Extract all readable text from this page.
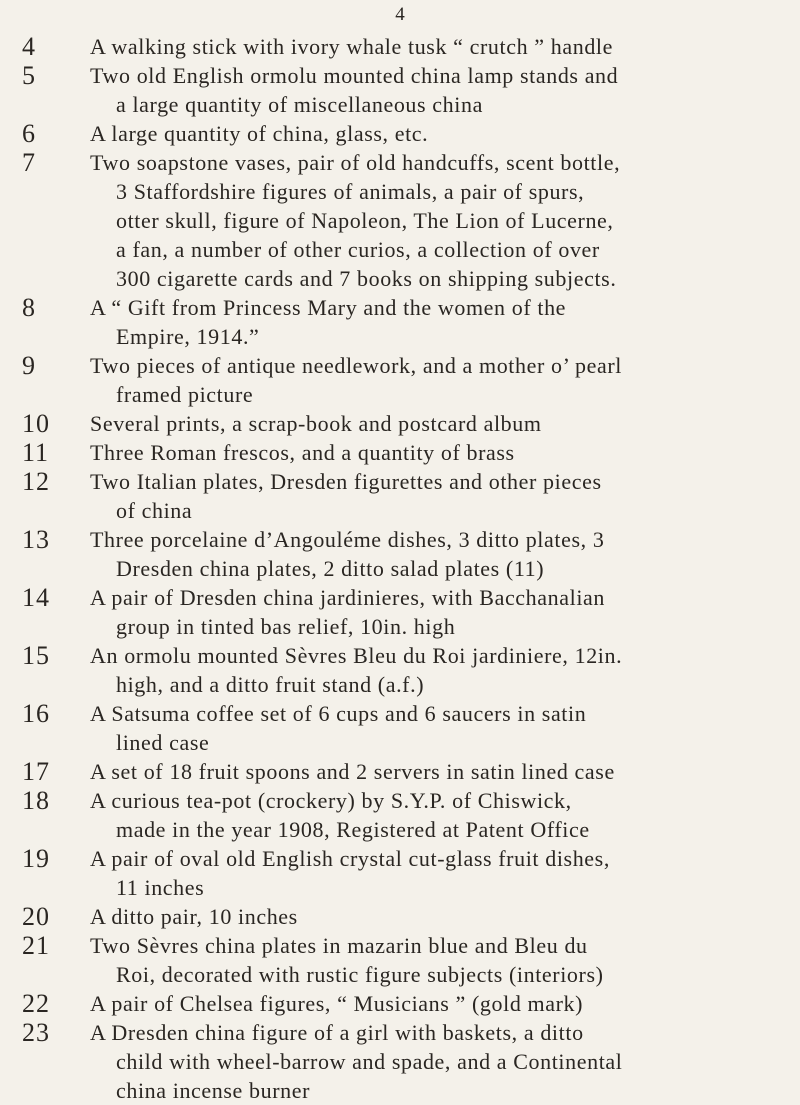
4
4	A walking stick with ivory whale tusk “ crutch ” handle
5	Two old English ormolu mounted china lamp stands and
a large quantity of miscellaneous china
6	A large quantity of china, glass, etc.
7	Two soapstone vases, pair of old handcuffs, scent bottle,
3 Staffordshire figures of animals, a pair of spurs,
otter skull, figure of Napoleon, The Lion of Lucerne,
a fan, a number of other curios, a collection of over
300 cigarette cards and 7 books on shipping subjects.
8	A “ Gift from Princess Mary and the women of the
Empire, 1914.”
9	Two pieces of antique needlework, and a mother o’ pearl
framed picture
10	Several prints, a scrap-book and postcard album
11	Three Roman frescos, and a quantity of brass
12	Two Italian plates, Dresden figurettes and other pieces
of china
13	Three porcelaine d’Angouléme dishes, 3 ditto plates, 3
Dresden china plates, 2 ditto salad plates (11)
14	A pair of Dresden china jardinieres, with Bacchanalian
group in tinted bas relief, 10in. high
15	An ormolu mounted Sèvres Bleu du Roi jardiniere, 12in.
high, and a ditto fruit stand (a.f.)
16	A Satsuma coffee set of 6 cups and 6 saucers in satin
lined case
17	A set of 18 fruit spoons and 2 servers in satin lined case
18	A curious tea-pot (crockery) by S.Y.P. of Chiswick,
made in the year 1908, Registered at Patent Office
19	A pair of oval old English crystal cut-glass fruit dishes,
11 inches
20	A ditto pair, 10 inches
21	Two Sèvres china plates in mazarin blue and Bleu du
Roi, decorated with rustic figure subjects (interiors)
22	A pair of Chelsea figures, “ Musicians ” (gold mark)
23	A Dresden china figure of a girl with baskets, a ditto
child with wheel-barrow and spade, and a Continental
china incense burner
